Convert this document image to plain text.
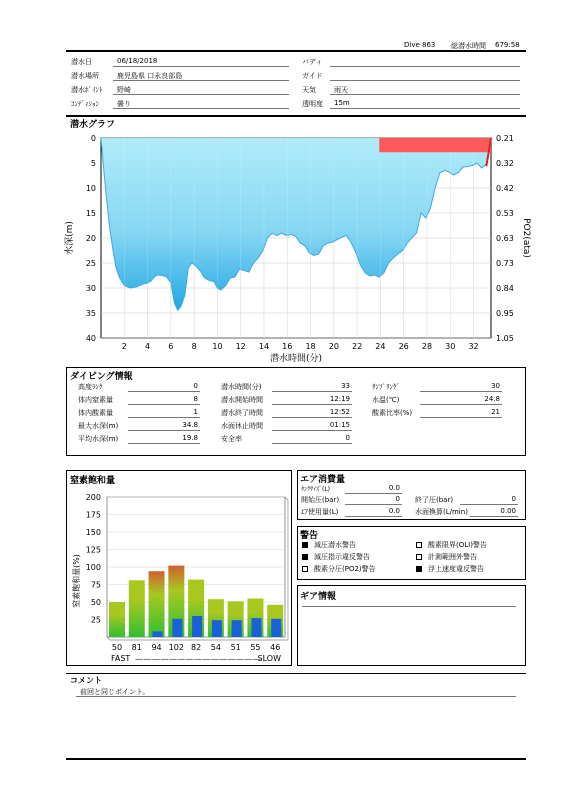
Dive 863 総潜水時間 679:58
潜水日	06/18/2018
潜水場所	鹿児島県 口永良部島
潜水ﾎﾟｲﾝﾄ 野崎
ｺﾝﾃﾞｨｼｮﾝ	曇り
バディ
ガイド
天気	雨天
透明度 15m
潜水グラフ
0
5
10
15
20
25
30
35
40
0.21
0.32
0.42
0.53
0.63
0.73
0.84
0.95
1.05
2 4 6 8 10 12 14 16 18 20 22 24 26 28 30 32
潜水時間(分)
水深(m)	PO2(ata)
ダイビング情報
高度ﾗﾝｸ	0	潜水時間(分)	33	ｻﾝﾌﾟﾘﾝｸﾞ	30
体内窒素量	8	潜水開始時間	12:19	水温(℃)	24.8
体内酸素量	1	潜水終了時間	12:52	酸素比率(%)	21
最大水深(m)	34.8	水面休止時間	01:15
平均水深(m)	19.8	安全率	0
窒素飽和量
50 81 94 102 82 54 51 55 46
25
50
75
100
125
150
175
200
窒素飽和量(%)
FAST ———————————————
SLOW
エア消費量
ﾀﾝｸｻｲｽﾞ(L)	0.0
開始圧(bar)	0 終了圧(bar)	0
ｴｱ使用量(L)	0.0 水面換算(L/min)	0.00
警告
減圧潜水警告	酸素限界(OLI)警告
減圧指示違反警告	計測範囲外警告
酸素分圧(PO2)警告	浮上速度違反警告
ギア情報
コメント
前回と同じポイント。
